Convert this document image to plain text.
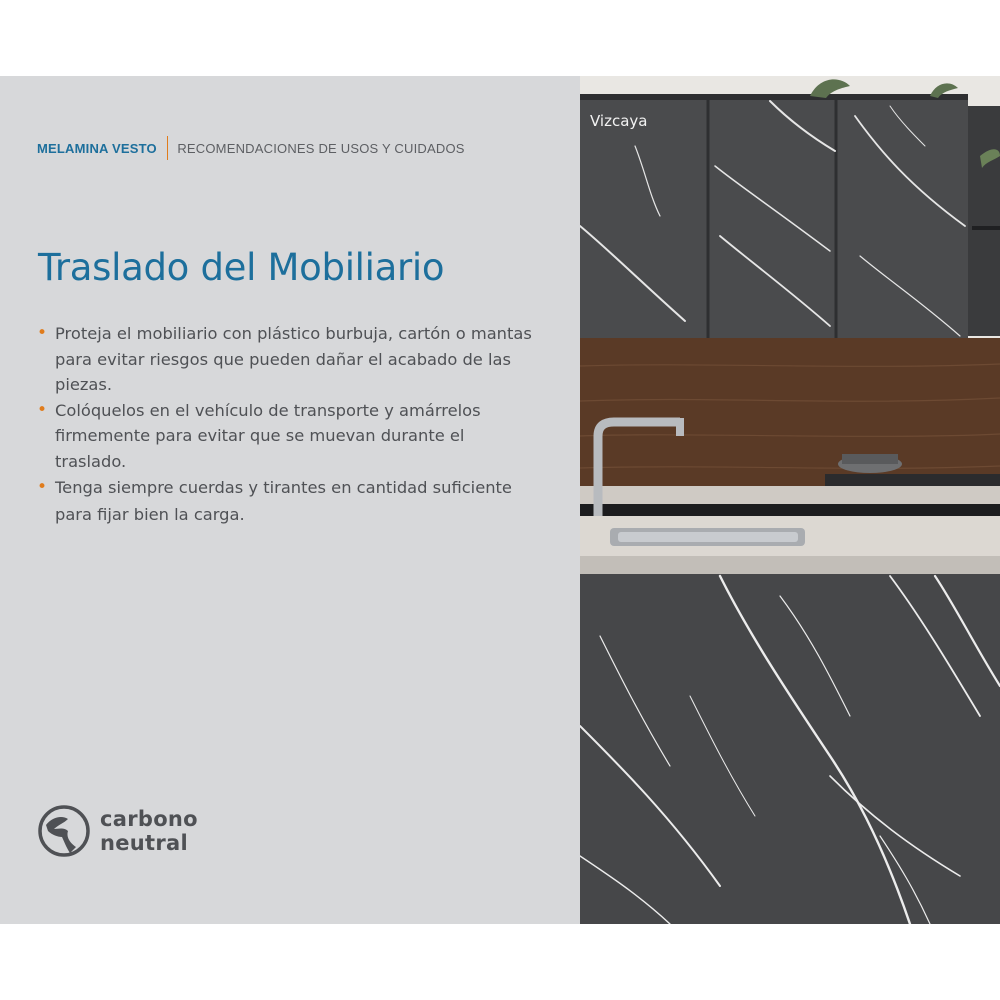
MELAMINA VESTO RECOMENDACIONES DE USOS Y CUIDADOS
Traslado del Mobiliario
• Proteja el mobiliario con plástico burbuja, cartón o mantas para evitar riesgos que pueden dañar el acabado de las piezas.
• Colóquelos en el vehículo de transporte y amárrelos firmemente para evitar que se muevan durante el traslado.
• Tenga siempre cuerdas y tirantes en cantidad suficiente para fijar bien la carga.
carbono
neutral
Vizcaya
